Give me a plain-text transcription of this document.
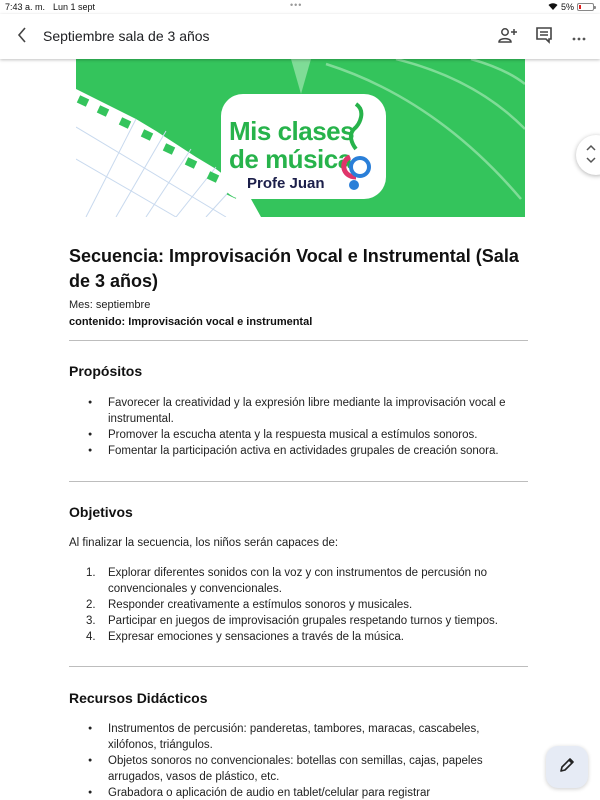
7:43 a. m. Lun 1 sept	•••	5%
Septiembre sala de 3 años
Mis clases
de música
Profe Juan
Secuencia: Improvisación Vocal e Instrumental (Sala de 3 años)
Mes: septiembre
contenido: Improvisación vocal e instrumental
Propósitos
● Favorecer la creatividad y la expresión libre mediante la improvisación vocal e instrumental.
● Promover la escucha atenta y la respuesta musical a estímulos sonoros.
● Fomentar la participación activa en actividades grupales de creación sonora.
Objetivos
Al finalizar la secuencia, los niños serán capaces de:
1. Explorar diferentes sonidos con la voz y con instrumentos de percusión no convencionales y convencionales.
2. Responder creativamente a estímulos sonoros y musicales.
3. Participar en juegos de improvisación grupales respetando turnos y tiempos.
4. Expresar emociones y sensaciones a través de la música.
Recursos Didácticos
● Instrumentos de percusión: panderetas, tambores, maracas, cascabeles, xilófonos, triángulos.
● Objetos sonoros no convencionales: botellas con semillas, cajas, papeles arrugados, vasos de plástico, etc.
● Grabadora o aplicación de audio en tablet/celular para registrar
